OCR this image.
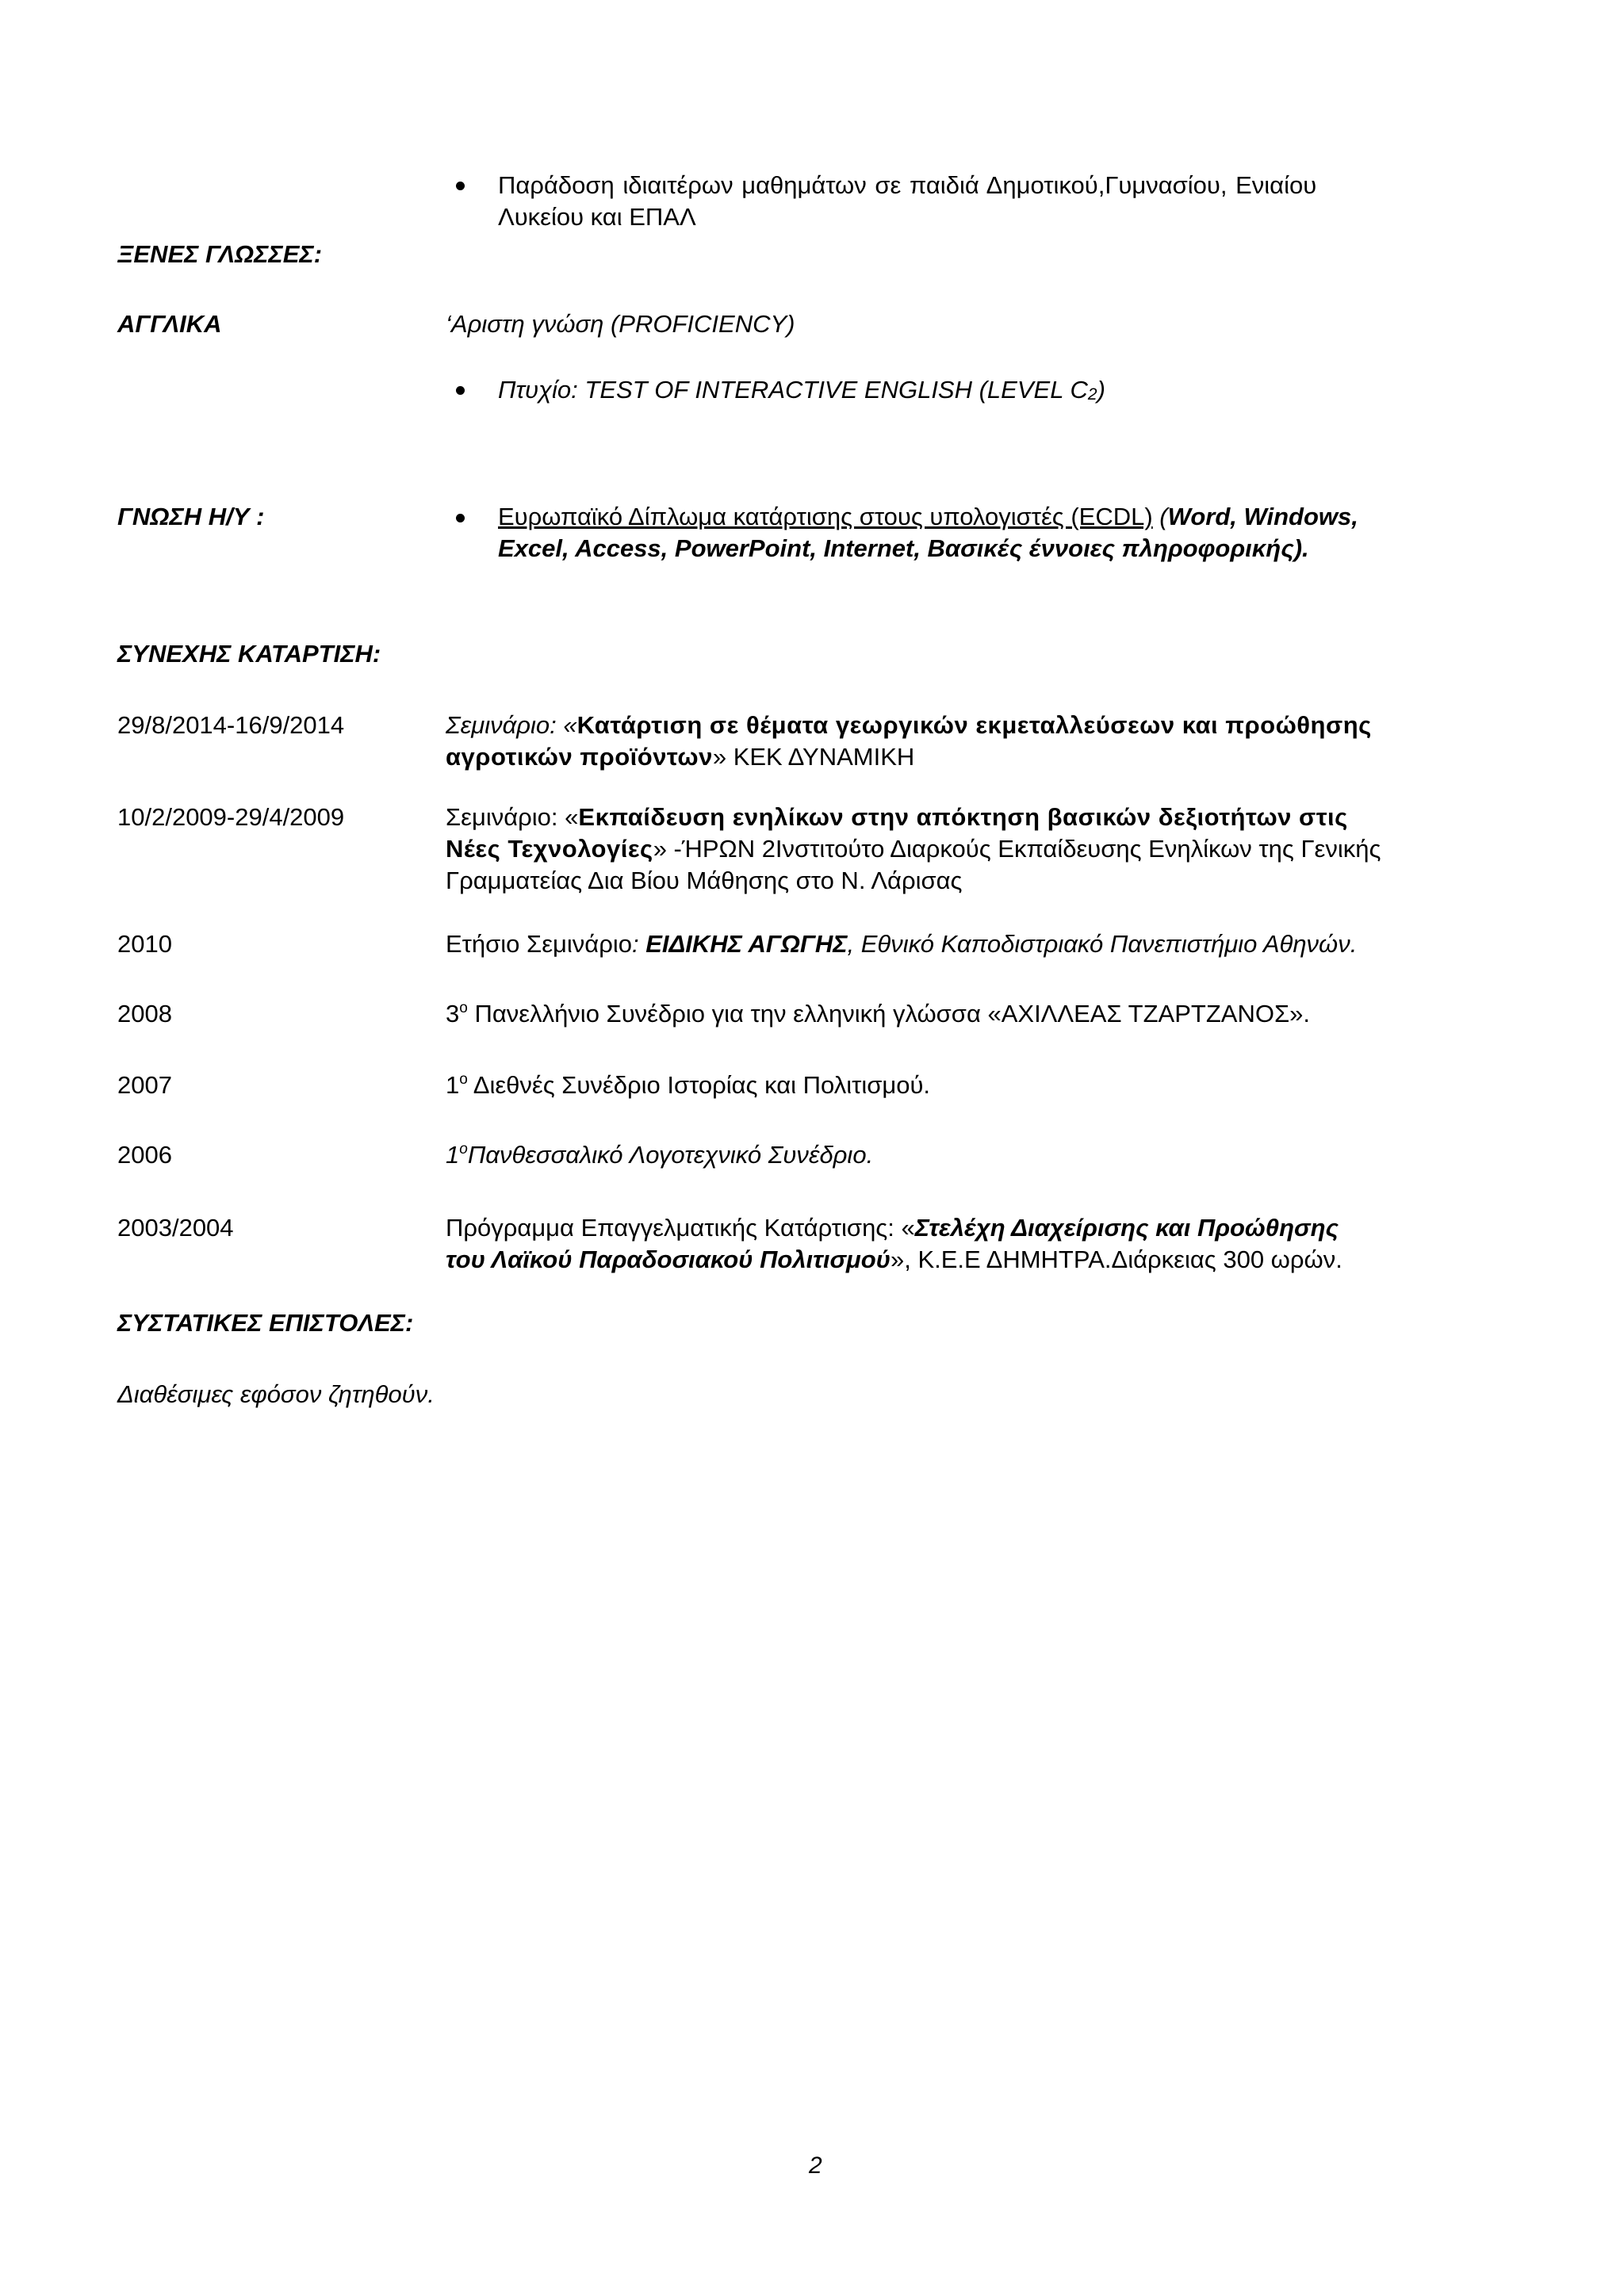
Παράδοση ιδιαιτέρων μαθημάτων σε παιδιά Δημοτικού,Γυμνασίου, Ενιαίου
Λυκείου και ΕΠΑΛ
ΞΕΝΕΣ ΓΛΩΣΣΕΣ:
ΑΓΓΛΙΚΑ	‘Αριστη γνώση (PROFICIENCY)
Πτυχίο: TEST OF INTERACTIVE ENGLISH (LEVEL $C_2$)
ΓΝΩΣΗ Η/Υ :	Ευρωπαϊκό Δίπλωμα κατάρτισης στους υπολογιστές (ECDL) (Word, Windows,
Excel, Access, PowerPoint, Internet, Βασικές έννοιες πληροφορικής).
ΣΥΝΕΧΗΣ ΚΑΤΑΡΤΙΣΗ:
29/8/2014-16/9/2014	Σεμινάριο: «Κατάρτιση σε θέματα γεωργικών εκμεταλλεύσεων και προώθησης
αγροτικών προϊόντων» ΚΕΚ ΔΥΝΑΜΙΚΗ
10/2/2009-29/4/2009	Σεμινάριο: «Εκπαίδευση ενηλίκων στην απόκτηση βασικών δεξιοτήτων στις
Νέες Τεχνολογίες» -ΉΡΩΝ 2Ινστιτούτο Διαρκούς Εκπαίδευσης Ενηλίκων της Γενικής
Γραμματείας Δια Βίου Μάθησης στο Ν. Λάρισας
2010	Ετήσιο Σεμινάριο: ΕΙΔΙΚΗΣ ΑΓΩΓΗΣ, Εθνικό Καποδιστριακό Πανεπιστήμιο Αθηνών.
2008	$3^o$ Πανελλήνιο Συνέδριο για την ελληνική γλώσσα «ΑΧΙΛΛΕΑΣ ΤΖΑΡΤΖΑΝΟΣ».
2007	$1^o$ Διεθνές Συνέδριο Ιστορίας και Πολιτισμού.
2006	$1^o\Pi\alpha\nu\theta\varepsilon\sigma\sigma\alpha\lambda\iota\kappa ό$ Λογοτεχνικό Συνέδριο.
2003/2004	Πρόγραμμα Επαγγελματικής Κατάρτισης: «Στελέχη Διαχείρισης και Προώθησης
του Λαϊκού Παραδοσιακού Πολιτισμού», Κ.Ε.Ε ΔΗΜΗΤΡΑ.Διάρκειας 300 ωρών.
ΣΥΣΤΑΤΙΚΕΣ ΕΠΙΣΤΟΛΕΣ:
Διαθέσιμες εφόσον ζητηθούν.
2
